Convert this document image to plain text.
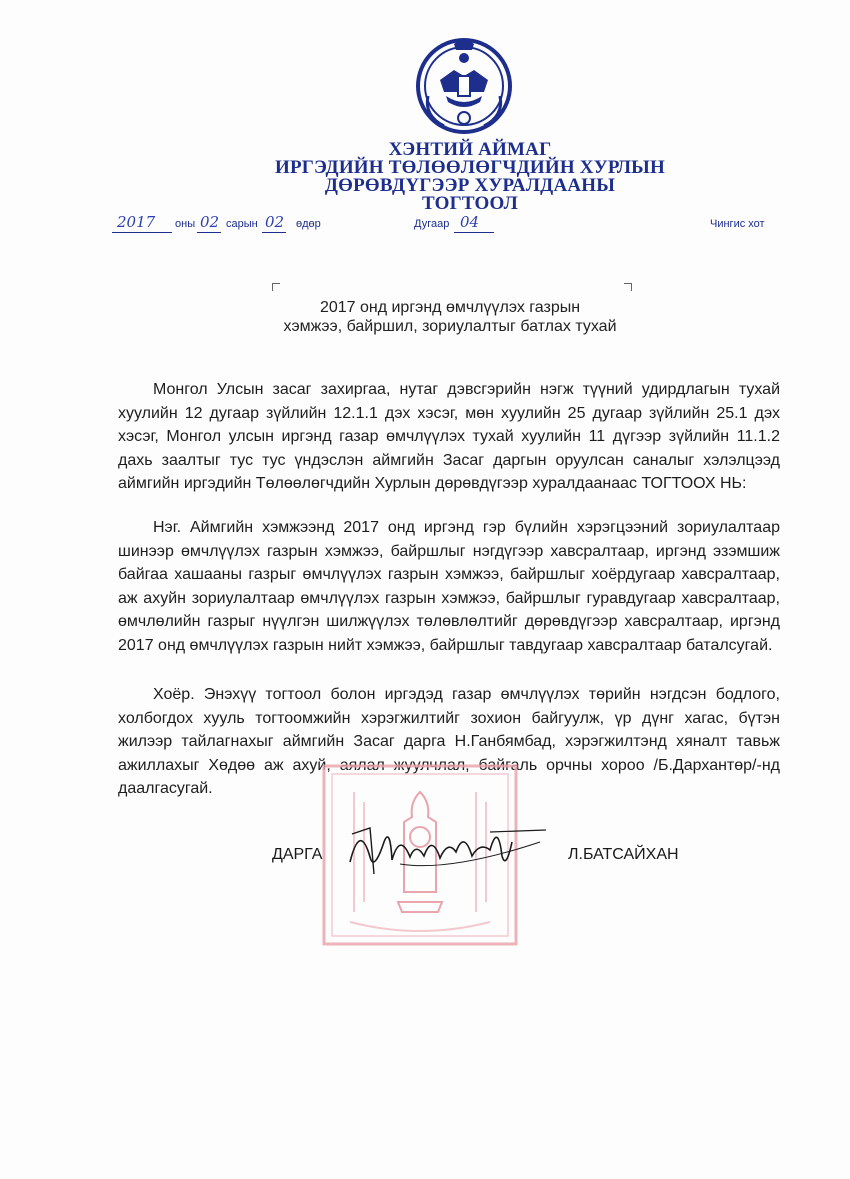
ХЭНТИЙ АЙМАГ
ИРГЭДИЙН ТӨЛӨӨЛӨГЧДИЙН ХУРЛЫН
ДӨРӨВДҮГЭЭР ХУРАЛДААНЫ
ТОГТООЛ
2017 оны 02 сарын 02 өдөр	Дугаар 04	Чингис хот
2017 онд иргэнд өмчлүүлэх газрын
хэмжээ, байршил, зориулалтыг батлах тухай

Монгол Улсын засаг захиргаа, нутаг дэвсгэрийн нэгж түүний удирдлагын тухай хуулийн 12 дугаар зүйлийн 12.1.1 дэх хэсэг, мөн хуулийн 25 дугаар зүйлийн 25.1 дэх хэсэг, Монгол улсын иргэнд газар өмчлүүлэх тухай хуулийн 11 дүгээр зүйлийн 11.1.2 дахь заалтыг тус тус үндэслэн аймгийн Засаг даргын оруулсан саналыг хэлэлцээд аймгийн иргэдийн Төлөөлөгчдийн Хурлын дөрөвдүгээр хуралдаанаас ТОГТООХ НЬ:

Нэг. Аймгийн хэмжээнд 2017 онд иргэнд гэр бүлийн хэрэгцээний зориулалтаар шинээр өмчлүүлэх газрын хэмжээ, байршлыг нэгдүгээр хавсралтаар, иргэнд эзэмшиж байгаа хашааны газрыг өмчлүүлэх газрын хэмжээ, байршлыг хоёрдугаар хавсралтаар, аж ахуйн зориулалтаар өмчлүүлэх газрын хэмжээ, байршлыг гуравдугаар хавсралтаар, өмчлөлийн газрыг нүүлгэн шилжүүлэх төлөвлөлтийг дөрөвдүгээр хавсралтаар, иргэнд 2017 онд өмчлүүлэх газрын нийт хэмжээ, байршлыг тавдугаар хавсралтаар баталсугай.

Хоёр. Энэхүү тогтоол болон иргэдэд газар өмчлүүлэх төрийн нэгдсэн бодлого, холбогдох хууль тогтоомжийн хэрэгжилтийг зохион байгуулж, үр дүнг хагас, бүтэн жилээр тайлагнахыг аймгийн Засаг дарга Н.Ганбямбад, хэрэгжилтэнд хяналт тавьж ажиллахыг Хөдөө аж ахуй, аялал жуулчлал, байгаль орчны хороо /Б.Дархантөр/-нд даалгасугай.

ДАРГА	Л.БАТСАЙХАН
